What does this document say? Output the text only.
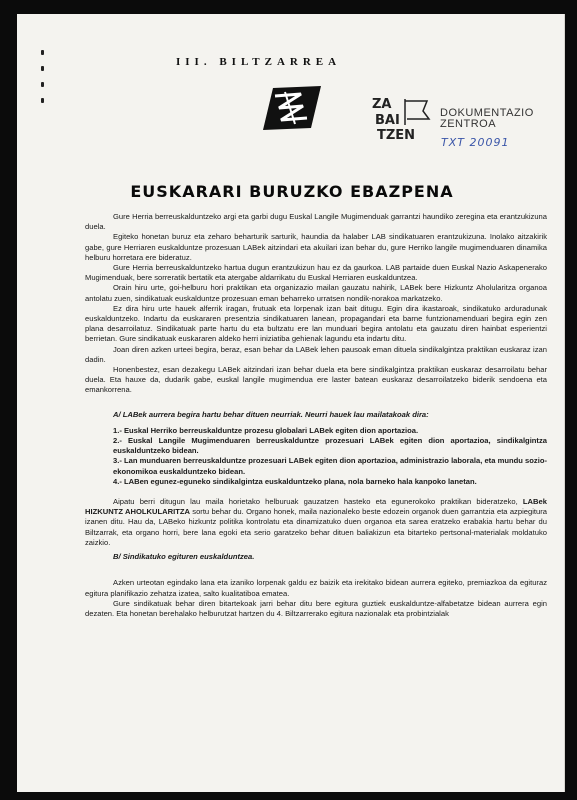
III. BILTZARREA
ZA
BAI
TZEN
DOKUMENTAZIO
ZENTROA
TXT 20091
EUSKARARI BURUZKO EBAZPENA

Gure Herria berreuskalduntzeko argi eta garbi dugu Euskal Langile Mugimenduak garrantzi haundiko zeregina eta erantzukizuna duela.

Egiteko honetan buruz eta zeharo beharturik sarturik, haundia da halaber LAB sindikatuaren erantzukizuna. Inolako aitzakirik gabe, gure Herriaren euskalduntze prozesuan LABek aitzindari eta akuilari izan behar du, gure Herriko langile mugimenduaren dinamika helburu horretara ere bideratuz.

Gure Herria berreuskalduntzeko hartua dugun erantzukizun hau ez da gaurkoa. LAB partaide duen Euskal Nazio Askapenerako Mugimenduak, bere sorreratik bertatik eta atergabe aldarrikatu du Euskal Herriaren euskalduntzea.

Orain hiru urte, goi-helburu hori praktikan eta organizazio mailan gauzatu nahirik, LABek bere Hizkuntz Aholularitza organoa antolatu zuen, sindikatuak euskalduntze prozesuan eman beharreko urratsen nondik-norakoa markatzeko.

Ez dira hiru urte hauek alferrik iragan, frutuak eta lorpenak izan bait ditugu. Egin dira ikastaroak, sindikatuko arduradunak euskalduntzeko. Indartu da euskararen presentzia sindikatuaren lanean, propagandari eta barne funtzionamenduari begira egin zen plana desarroilatuz. Sindikatuak parte hartu du eta bultzatu ere lan munduari begira antolatu eta gauzatu diren hainbat esperientzi berrietan. Gure sindikatuak euskararen aldeko herri iniziatiba gehienak lagundu eta indartu ditu.

Joan diren azken urteei begira, beraz, esan behar da LABek lehen pausoak eman dituela sindikalgintza praktikan euskaraz izan dadin.

Honenbestez, esan dezakegu LABek aitzindari izan behar duela eta bere sindikalgintza praktikan euskaraz desarroilatu behar duela. Eta hauxe da, dudarik gabe, euskal langile mugimendua ere laster batean euskaraz desarroilatzeko biderik sendoena eta emankorrena.

A/ LABek aurrera begira hartu behar dituen neurriak. Neurri hauek lau mailatakoak dira:

1.- Euskal Herriko berreuskalduntze prozesu globalari LABek egiten dion aportazioa.

2.- Euskal Langile Mugimenduaren berreuskalduntze prozesuari LABek egiten dion aportazioa, sindikalgintza euskalduntzeko bidean.

3.- Lan munduaren berreuskalduntze prozesuari LABek egiten dion aportazioa, administrazio laborala, eta mundu sozio-ekonomikoa euskalduntzeko bidean.

4.- LABen egunez-eguneko sindikalgintza euskalduntzeko plana, nola barneko hala kanpoko lanetan.

Aipatu berri ditugun lau maila horietako helburuak gauzatzen hasteko eta egunerokoko praktikan bideratzeko, LABek HIZKUNTZ AHOLKULARITZA sortu behar du. Organo honek, maila nazionaleko beste edozein organok duen garrantzia eta azpiegitura izanen ditu. Hau da, LABeko hizkuntz politika kontrolatu eta dinamizatuko duen organoa eta sarea eratzeko erabakia hartu behar du Biltzarrak, eta organo horri, bere lana egoki eta serio garatzeko behar dituen baliakizun eta bitarteko pertsonal-materialak moldatuko zaizkio.

B/ Sindikatuko egituren euskalduntzea.

Azken urteotan egindako lana eta izaniko lorpenak galdu ez baizik eta irekitako bidean aurrera egiteko, premiazkoa da egituraz egitura planifikazio zehatza izatea, salto kualitatiboa ematea.

Gure sindikatuak behar diren bitartekoak jarri behar ditu bere egitura guztiek euskalduntze-alfabetatze bidean aurrera egin dezaten. Eta honetan berehalako helburutzat hartzen du 4. Biltzarrerako egitura nazionalak eta probintzialak
